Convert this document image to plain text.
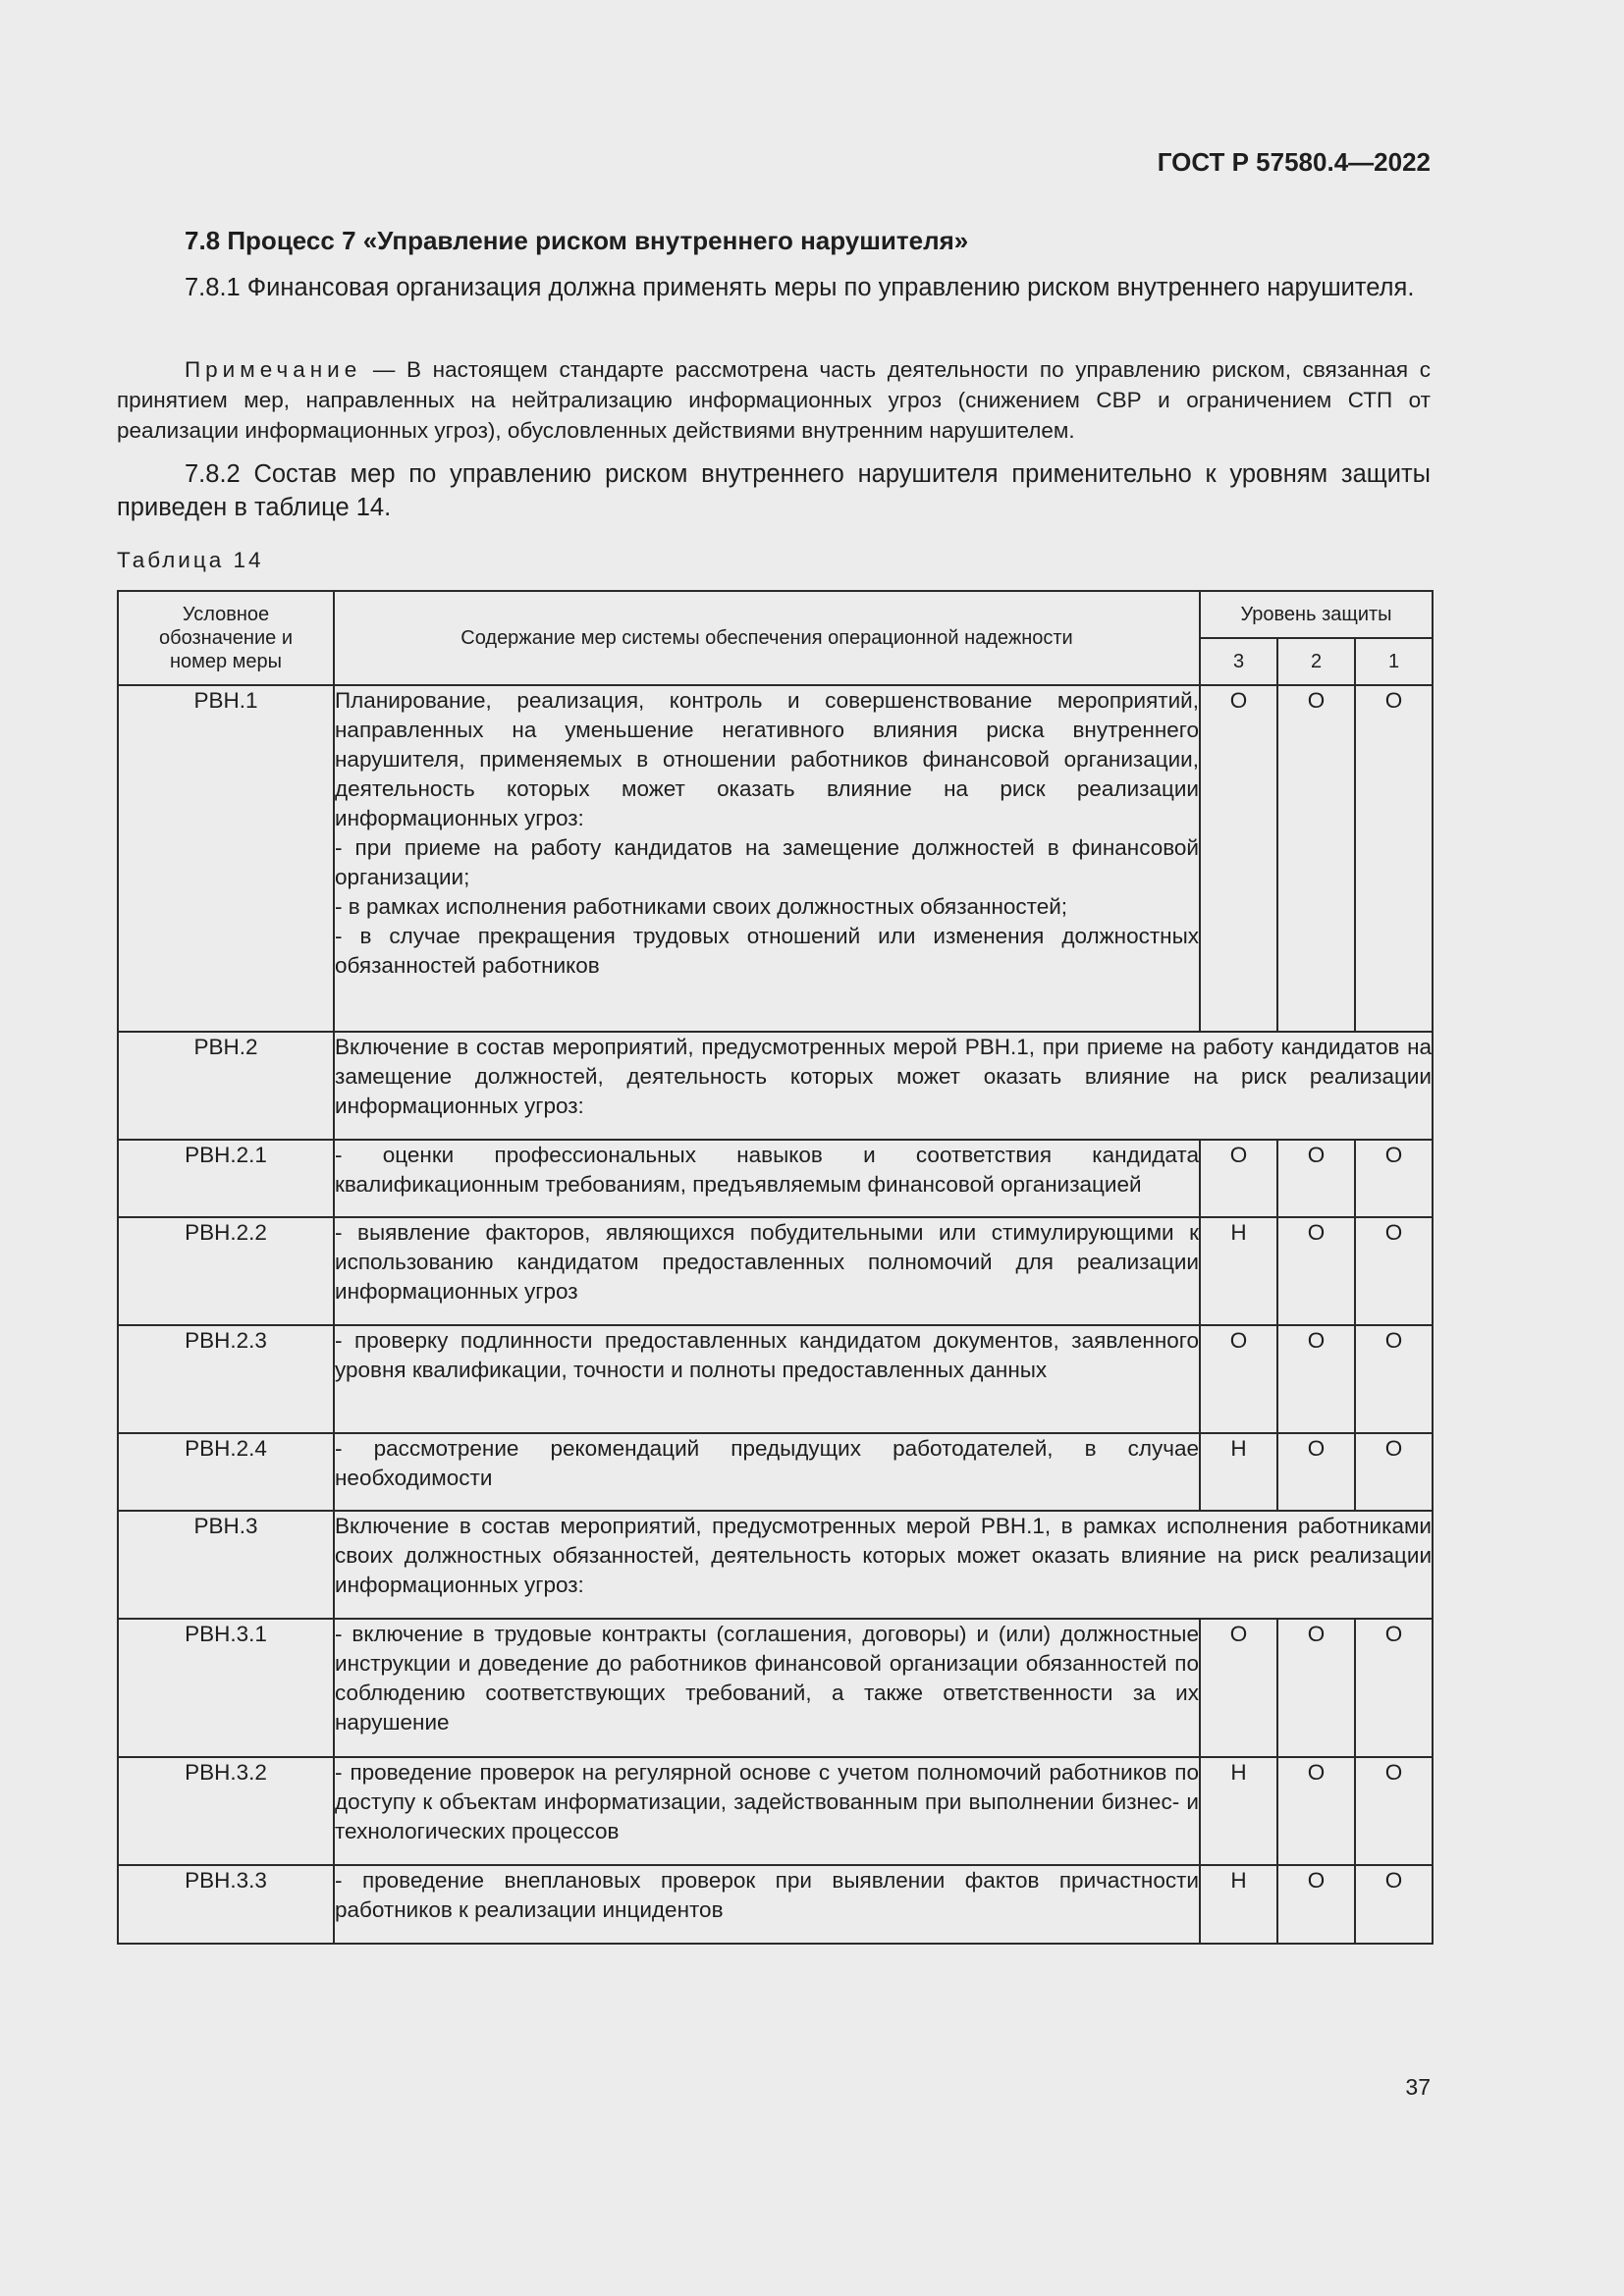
ГОСТ Р 57580.4—2022
7.8 Процесс 7 «Управление риском внутреннего нарушителя»
7.8.1 Финансовая организация должна применять меры по управлению риском внутреннего нарушителя.
Примечание — В настоящем стандарте рассмотрена часть деятельности по управлению риском, связанная с принятием мер, направленных на нейтрализацию информационных угроз (снижением СВР и ограничением СТП от реализации информационных угроз), обусловленных действиями внутренним нарушителем.
7.8.2 Состав мер по управлению риском внутреннего нарушителя применительно к уровням защиты приведен в таблице 14.
Таблица 14
Условное обозначение и номер меры	Содержание мер системы обеспечения операционной надежности	Уровень защиты		
		3	2	1
РВН.1	Планирование, реализация, контроль и совершенствование мероприятий, направленных на уменьшение негативного влияния риска внутреннего нарушителя, применяемых в отношении работников финансовой организации, деятельность которых может оказать влияние на риск реализации информационных угроз:
- при приеме на работу кандидатов на замещение должностей в финансовой организации;
- в рамках исполнения работниками своих должностных обязанностей;
- в случае прекращения трудовых отношений или изменения должностных обязанностей работников	О	О	О
РВН.2	Включение в состав мероприятий, предусмотренных мерой РВН.1, при приеме на работу кандидатов на замещение должностей, деятельность которых может оказать влияние на риск реализации информационных угроз:			
РВН.2.1	- оценки профессиональных навыков и соответствия кандидата квалификационным требованиям, предъявляемым финансовой организацией	О	О	О
РВН.2.2	- выявление факторов, являющихся побудительными или стимулирующими к использованию кандидатом предоставленных полномочий для реализации информационных угроз	Н	О	О
РВН.2.3	- проверку подлинности предоставленных кандидатом документов, заявленного уровня квалификации, точности и полноты предоставленных данных	О	О	О
РВН.2.4	- рассмотрение рекомендаций предыдущих работодателей, в случае необходимости	Н	О	О
РВН.3	Включение в состав мероприятий, предусмотренных мерой РВН.1, в рамках исполнения работниками своих должностных обязанностей, деятельность которых может оказать влияние на риск реализации информационных угроз:			
РВН.3.1	- включение в трудовые контракты (соглашения, договоры) и (или) должностные инструкции и доведение до работников финансовой организации обязанностей по соблюдению соответствующих требований, а также ответственности за их нарушение	О	О	О
РВН.3.2	- проведение проверок на регулярной основе с учетом полномочий работников по доступу к объектам информатизации, задействованным при выполнении бизнес- и технологических процессов	Н	О	О
РВН.3.3	- проведение внеплановых проверок при выявлении фактов причастности работников к реализации инцидентов	Н	О	О
37
